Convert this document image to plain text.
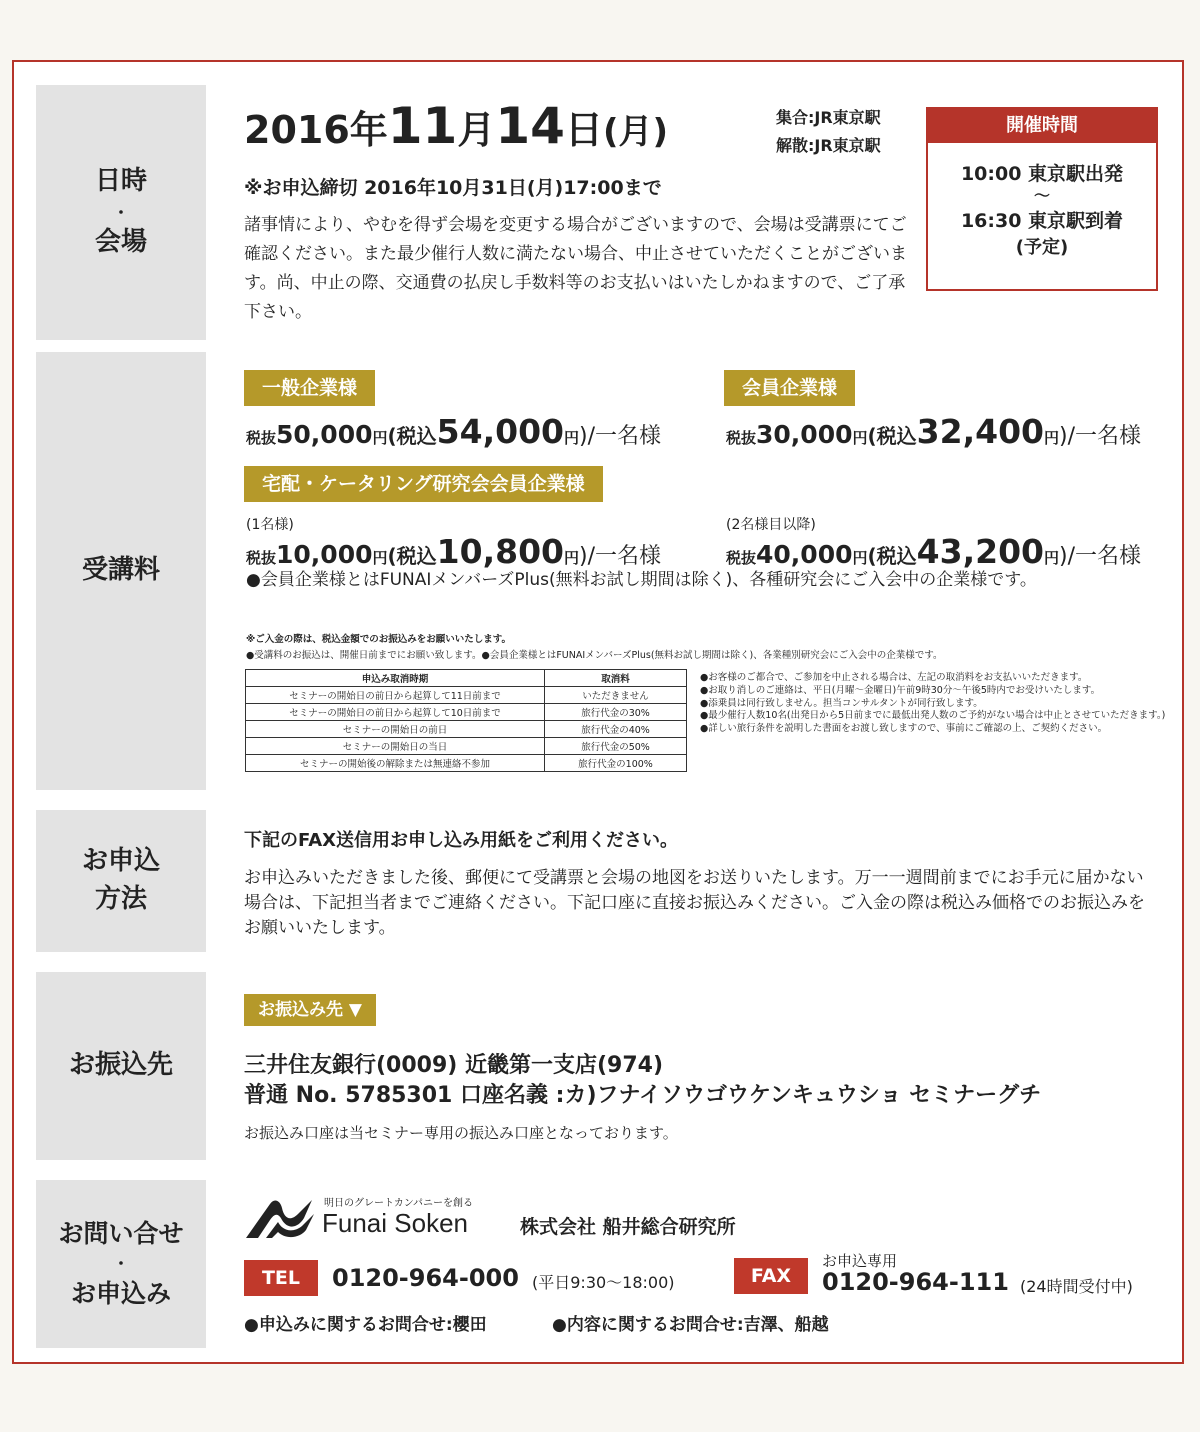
日時
・
会場
2016年11月14日(月)	集合:JR東京駅
解散:JR東京駅
※お申込締切 2016年10月31日(月)17:00まで
諸事情により、やむを得ず会場を変更する場合がございますので、会場は受講票にてご確認ください。また最少催行人数に満たない場合、中止させていただくことがございます。尚、中止の際、交通費の払戻し手数料等のお支払いはいたしかねますので、ご了承下さい。
開催時間
10:00 東京駅出発
〜
16:30 東京駅到着
(予定)
受講料
一般企業様
税抜50,000円(税込54,000円)/一名様
会員企業様
税抜30,000円(税込32,400円)/一名様
宅配・ケータリング研究会会員企業様
(1名様)
税抜10,000円(税込10,800円)/一名様
(2名様目以降)
税抜40,000円(税込43,200円)/一名様
●会員企業様とはFUNAIメンバーズPlus(無料お試し期間は除く)、各種研究会にご入会中の企業様です。
※ご入金の際は、税込金額でのお振込みをお願いいたします。
●受講料のお振込は、開催日前までにお願い致します。●会員企業様とはFUNAIメンバーズPlus(無料お試し期間は除く)、各業種別研究会にご入会中の企業様です。
申込み取消時期	取消料
セミナーの開始日の前日から起算して11日前まで	いただきません
セミナーの開始日の前日から起算して10日前まで	旅行代金の30%
セミナーの開始日の前日	旅行代金の40%
セミナーの開始日の当日	旅行代金の50%
セミナーの開始後の解除または無連絡不参加	旅行代金の100%
●お客様のご都合で、ご参加を中止される場合は、左記の取消料をお支払いいただきます。
●お取り消しのご連絡は、平日(月曜〜金曜日)午前9時30分〜午後5時内でお受けいたします。
●添乗員は同行致しません。担当コンサルタントが同行致します。
●最少催行人数10名(出発日から5日前までに最低出発人数のご予約がない場合は中止とさせていただきます。)
●詳しい旅行条件を説明した書面をお渡し致しますので、事前にご確認の上、ご契約ください。
お申込
方法
下記のFAX送信用お申し込み用紙をご利用ください。
お申込みいただきました後、郵便にて受講票と会場の地図をお送りいたします。万一一週間前までにお手元に届かない場合は、下記担当者までご連絡ください。下記口座に直接お振込みください。ご入金の際は税込み価格でのお振込みをお願いいたします。
お振込先
お振込み先 ▼
三井住友銀行(0009) 近畿第一支店(974)
普通 No. 5785301 口座名義 :カ)フナイソウゴウケンキュウショ セミナーグチ
お振込み口座は当セミナー専用の振込み口座となっております。
お問い合せ
・
お申込み
明日のグレートカンパニーを創る
Funai Soken	株式会社 船井総合研究所
TEL	0120-964-000 (平日9:30〜18:00)	FAX
お申込専用
0120-964-111 (24時間受付中)
●申込みに関するお問合せ:櫻田	●内容に関するお問合せ:吉澤、船越
